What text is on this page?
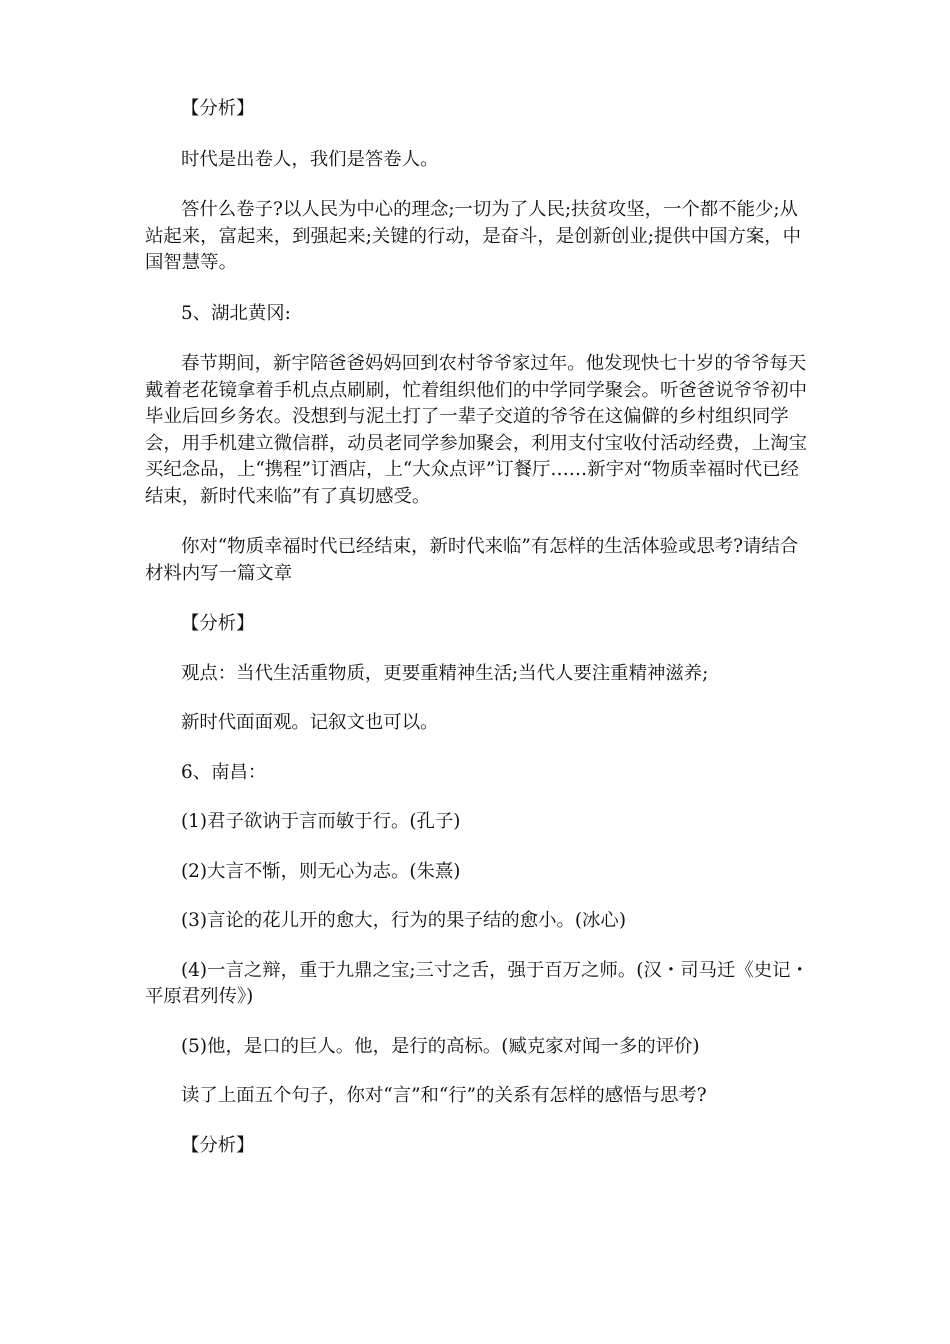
【分析】

时代是出卷人，我们是答卷人。

答什么卷子?以人民为中心的理念;一切为了人民;扶贫攻坚，一个都不能少;从站起来，富起来，到强起来;关键的行动，是奋斗，是创新创业;提供中国方案，中国智慧等。

5、湖北黄冈:

春节期间，新宇陪爸爸妈妈回到农村爷爷家过年。他发现快七十岁的爷爷每天戴着老花镜拿着手机点点刷刷，忙着组织他们的中学同学聚会。听爸爸说爷爷初中毕业后回乡务农。没想到与泥土打了一辈子交道的爷爷在这偏僻的乡村组织同学会，用手机建立微信群，动员老同学参加聚会，利用支付宝收付活动经费，上淘宝买纪念品，上“携程”订酒店，上“大众点评”订餐厅……新宇对“物质幸福时代已经结束，新时代来临”有了真切感受。

你对“物质幸福时代已经结束，新时代来临”有怎样的生活体验或思考?请结合材料内写一篇文章

【分析】

观点：当代生活重物质，更要重精神生活;当代人要注重精神滋养;

新时代面面观。记叙文也可以。

6、南昌：

(1)君子欲讷于言而敏于行。(孔子)

(2)大言不惭，则无心为志。(朱熹)

(3)言论的花儿开的愈大，行为的果子结的愈小。(冰心)

(4)一言之辩，重于九鼎之宝;三寸之舌，强于百万之师。(汉・司马迁《史记・平原君列传》)

(5)他，是口的巨人。他，是行的高标。(臧克家对闻一多的评价)

读了上面五个句子，你对“言”和“行”的关系有怎样的感悟与思考?

【分析】
